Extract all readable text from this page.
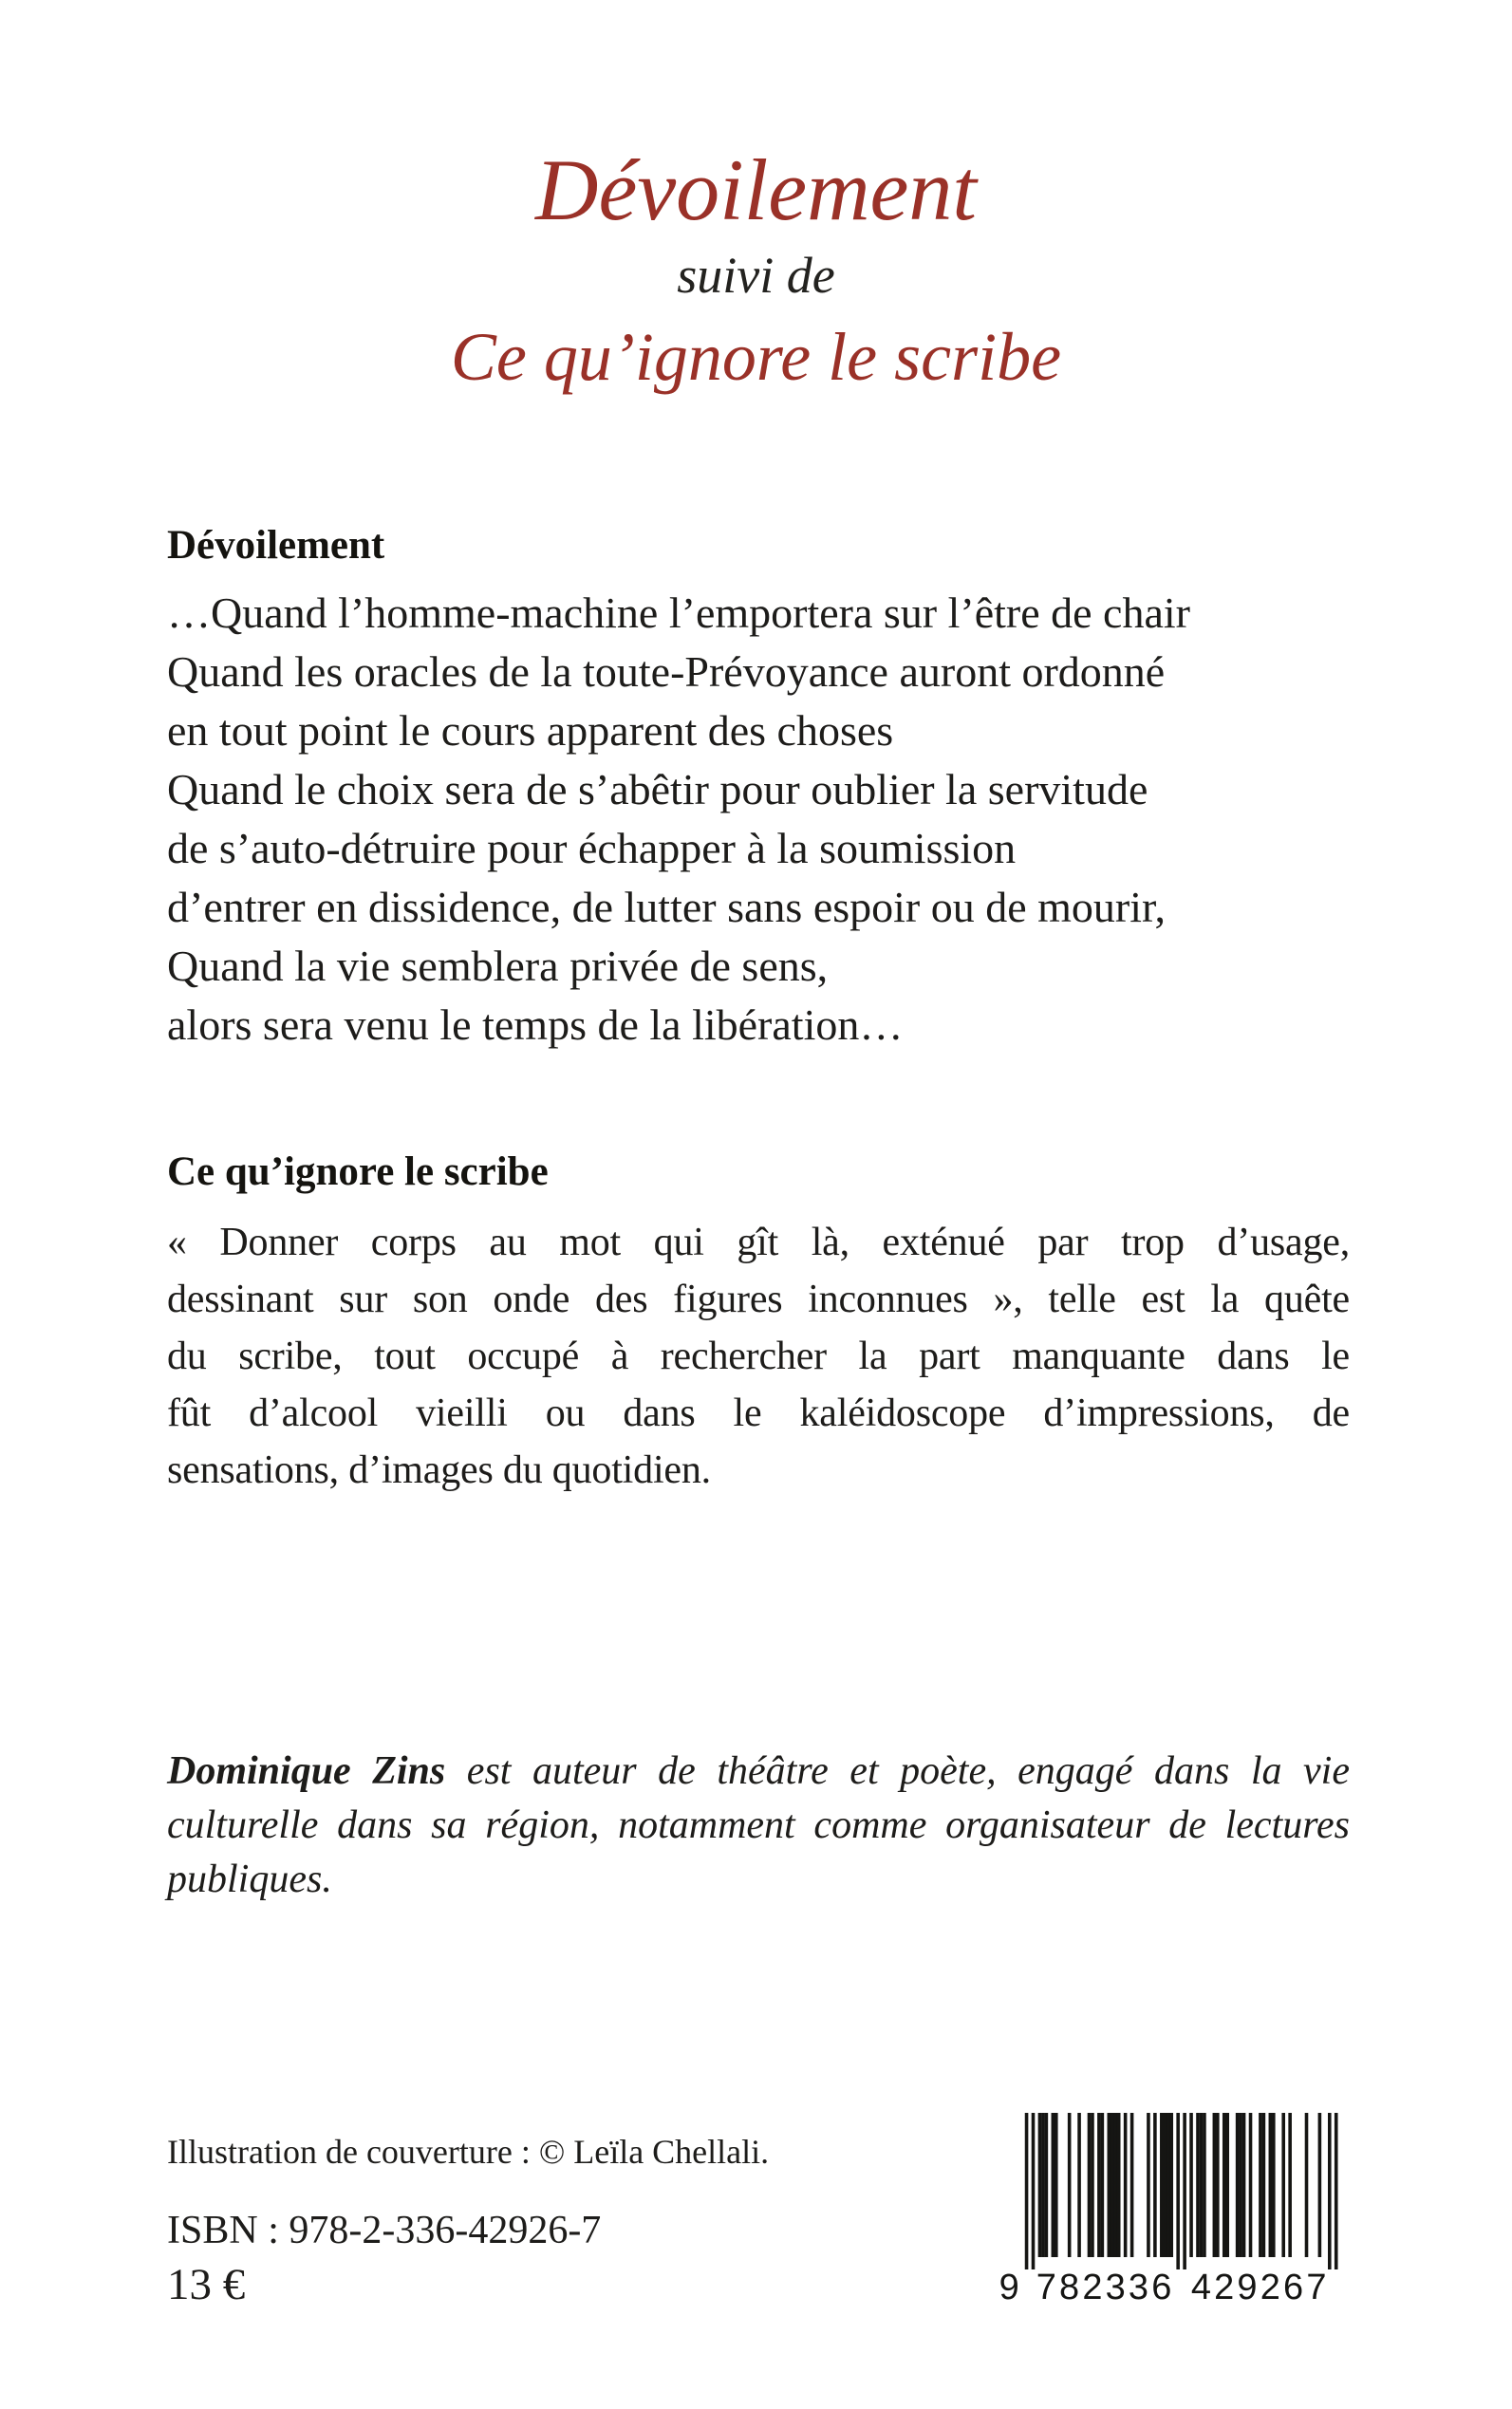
Dévoilement
suivi de
Ce qu’ignore le scribe
Dévoilement
…Quand l’homme-machine l’emportera sur l’être de chair
Quand les oracles de la toute-Prévoyance auront ordonné
en tout point le cours apparent des choses
Quand le choix sera de s’abêtir pour oublier la servitude
de s’auto-détruire pour échapper à la soumission
d’entrer en dissidence, de lutter sans espoir ou de mourir,
Quand la vie semblera privée de sens,
alors sera venu le temps de la libération…
Ce qu’ignore le scribe
« Donner corps au mot qui gît là, exténué par trop d’usage,
dessinant sur son onde des figures inconnues », telle est la quête
du scribe, tout occupé à rechercher la part manquante dans le
fût d’alcool vieilli ou dans le kaléidoscope d’impressions, de
sensations, d’images du quotidien.
Dominique Zins est auteur de théâtre et poète, engagé dans la vie
culturelle dans sa région, notamment comme organisateur de lectures
publiques.
Illustration de couverture : © Leïla Chellali.
ISBN : 978-2-336-42926-7
13 €	9 7	4
8	2
2	9
3	2
3	6
6	7
